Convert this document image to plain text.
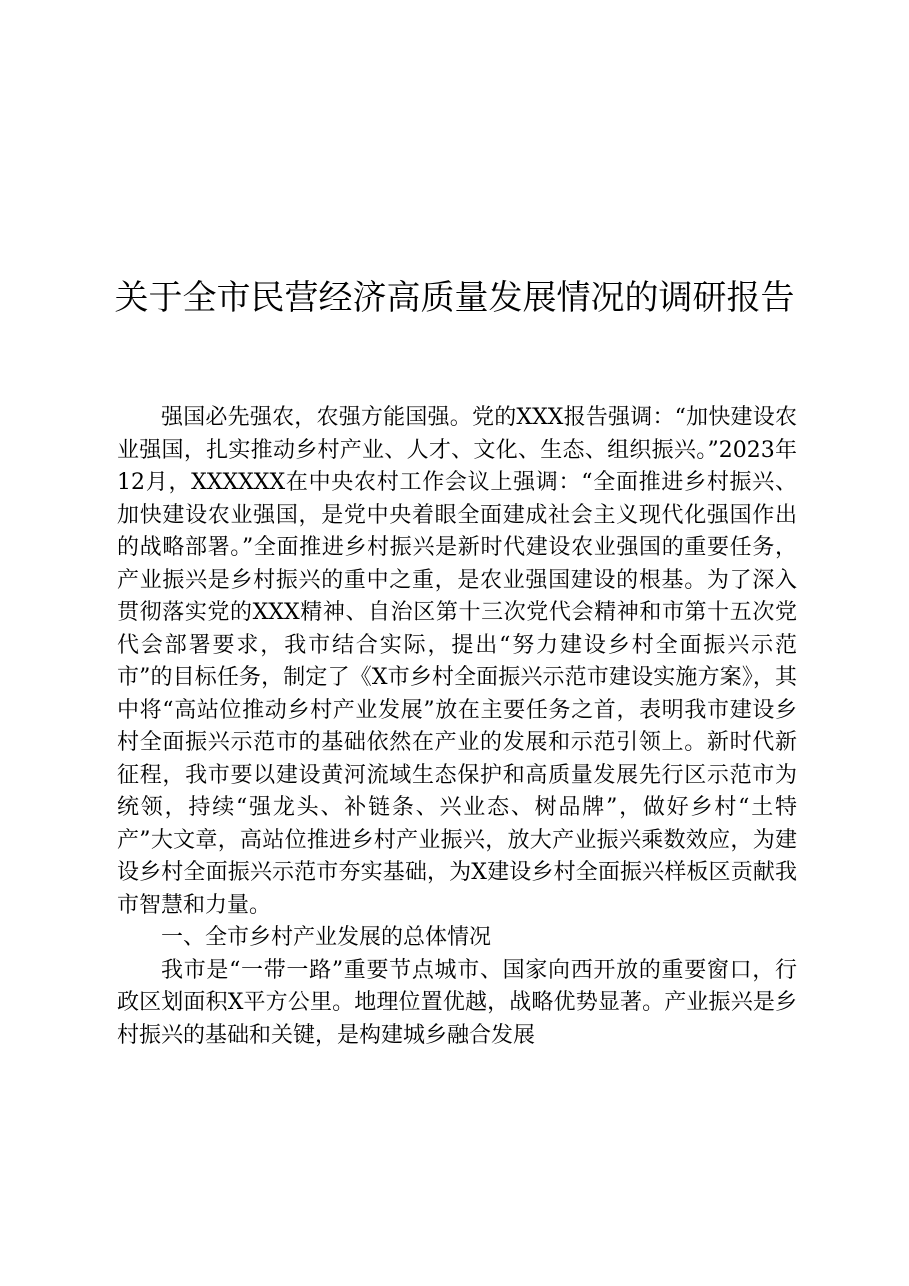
关于全市民营经济高质量发展情况的调研报告

强国必先强农，农强方能国强。党的XXX报告强调：“加快建设农业强国，扎实推动乡村产业、人才、文化、生态、组织振兴。”2023年12月，XXXXXX在中央农村工作会议上强调：“全面推进乡村振兴、加快建设农业强国，是党中央着眼全面建成社会主义现代化强国作出的战略部署。”全面推进乡村振兴是新时代建设农业强国的重要任务，产业振兴是乡村振兴的重中之重，是农业强国建设的根基。为了深入贯彻落实党的XXX精神、自治区第十三次党代会精神和市第十五次党代会部署要求，我市结合实际，提出“努力建设乡村全面振兴示范市”的目标任务，制定了《X市乡村全面振兴示范市建设实施方案》，其中将“高站位推动乡村产业发展”放在主要任务之首，表明我市建设乡村全面振兴示范市的基础依然在产业的发展和示范引领上。新时代新征程，我市要以建设黄河流域生态保护和高质量发展先行区示范市为统领，持续“强龙头、补链条、兴业态、树品牌”，做好乡村“土特产”大文章，高站位推进乡村产业振兴，放大产业振兴乘数效应，为建设乡村全面振兴示范市夯实基础，为X建设乡村全面振兴样板区贡献我市智慧和力量。

一、全市乡村产业发展的总体情况

我市是“一带一路”重要节点城市、国家向西开放的重要窗口，行政区划面积X平方公里。地理位置优越，战略优势显著。产业振兴是乡村振兴的基础和关键，是构建城乡融合发展
